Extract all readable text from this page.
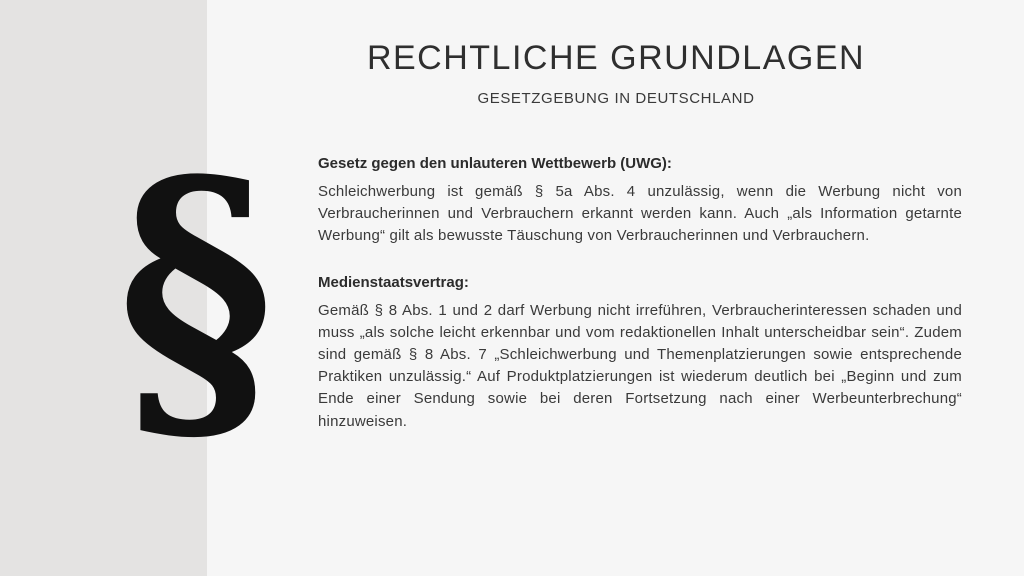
§
RECHTLICHE GRUNDLAGEN
GESETZGEBUNG IN DEUTSCHLAND
Gesetz gegen den unlauteren Wettbewerb (UWG):

Schleichwerbung ist gemäß § 5a Abs. 4 unzulässig, wenn die Werbung nicht von Verbraucherinnen und Verbrauchern erkannt werden kann. Auch „als Information getarnte Werbung“ gilt als bewusste Täuschung von Verbraucherinnen und Verbrauchern.

Medienstaatsvertrag:

Gemäß § 8 Abs. 1 und 2 darf Werbung nicht irreführen, Verbraucherinteressen schaden und muss „als solche leicht erkennbar und vom redaktionellen Inhalt unterscheidbar sein“. Zudem sind gemäß § 8 Abs. 7 „Schleichwerbung und Themenplatzierungen sowie entsprechende Praktiken unzulässig.“ Auf Produktplatzierungen ist wiederum deutlich bei „Beginn und zum Ende einer Sendung sowie bei deren Fortsetzung nach einer Werbeunterbrechung“ hinzuweisen.
